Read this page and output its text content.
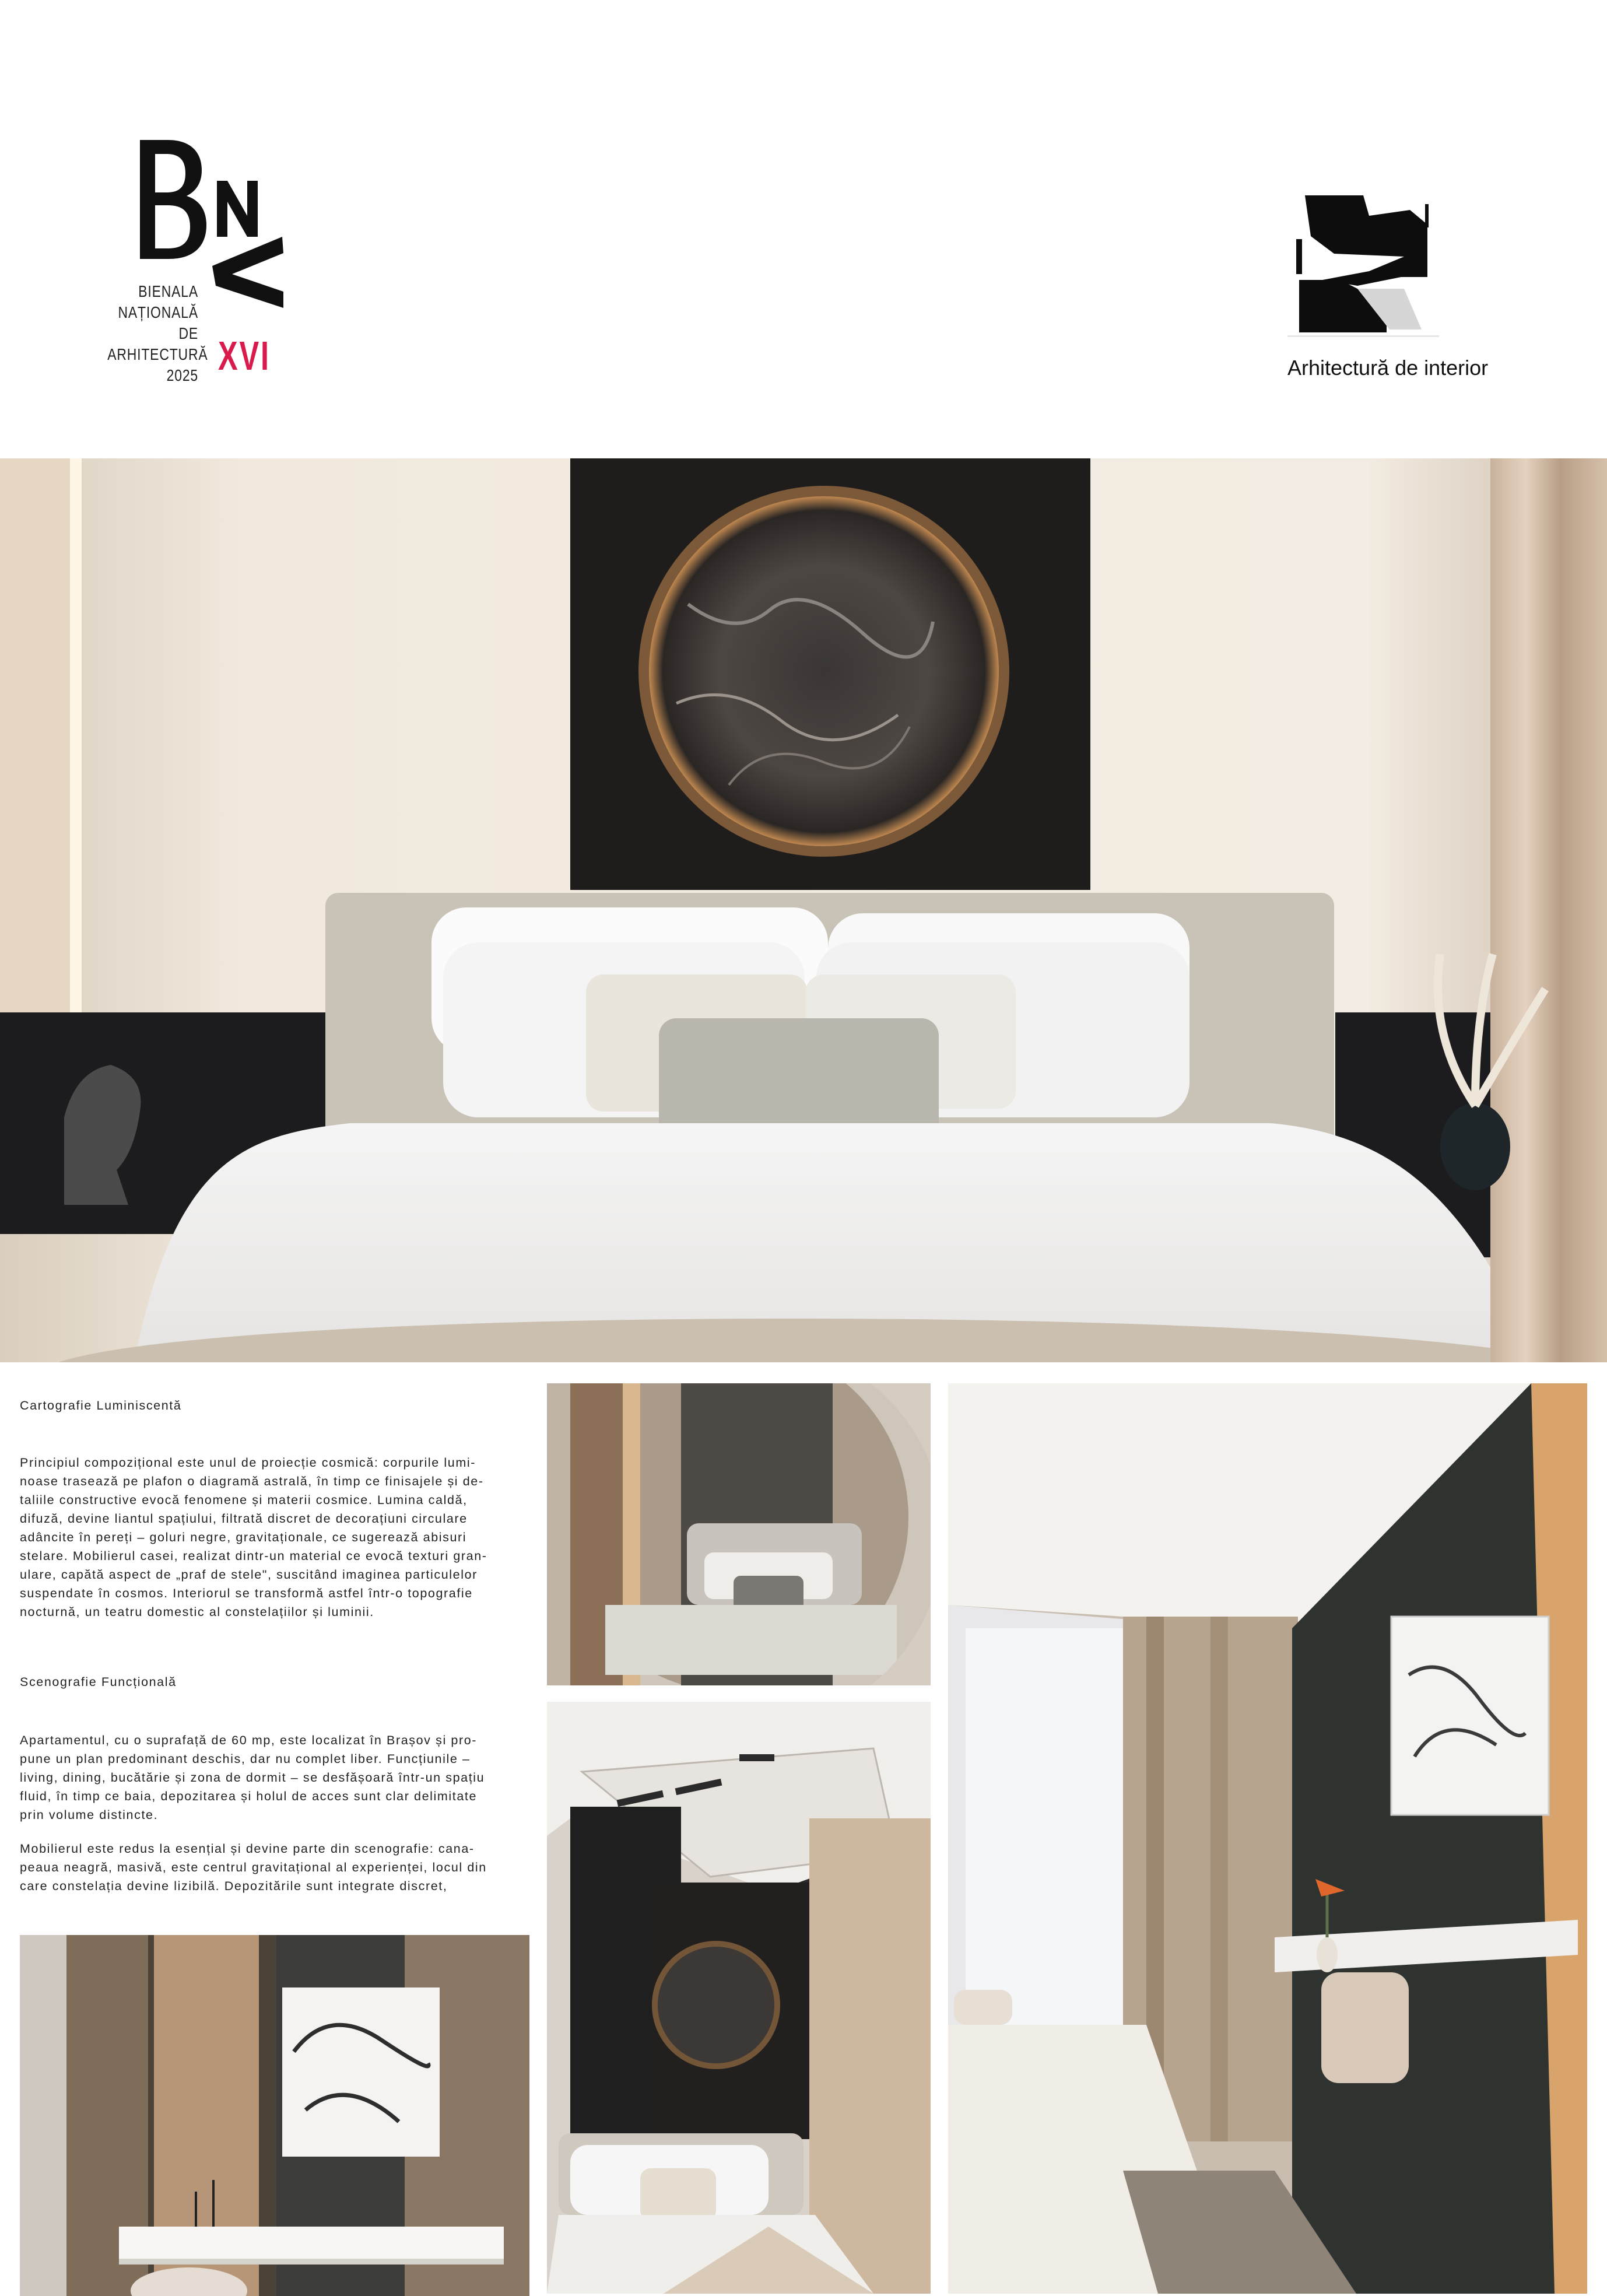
BIENALA
NAȚIONALĂ
DE
ARHITECTURĂ
2025 XVI	Arhitectură de interior
Cartografie Luminiscentă
Principiul compozițional este unul de proiecție cosmică: corpurile lumi-
noase trasează pe plafon o diagramă astrală, în timp ce finisajele și de-
taliile constructive evocă fenomene și materii cosmice. Lumina caldă,
difuză, devine liantul spațiului, filtrată discret de decorațiuni circulare
adâncite în pereți – goluri negre, gravitaționale, ce sugerează abisuri
stelare. Mobilierul casei, realizat dintr-un material ce evocă texturi gran-
ulare, capătă aspect de „praf de stele", suscitând imaginea particulelor
suspendate în cosmos. Interiorul se transformă astfel într-o topografie
nocturnă, un teatru domestic al constelațiilor și luminii.
Scenografie Funcțională
Apartamentul, cu o suprafață de 60 mp, este localizat în Brașov și pro-
pune un plan predominant deschis, dar nu complet liber. Funcțiunile –
living, dining, bucătărie și zona de dormit – se desfășoară într-un spațiu
fluid, în timp ce baia, depozitarea și holul de acces sunt clar delimitate
prin volume distincte.
Mobilierul este redus la esențial și devine parte din scenografie: cana-
peaua neagră, masivă, este centrul gravitațional al experienței, locul din
care constelația devine lizibilă. Depozitările sunt integrate discret,
